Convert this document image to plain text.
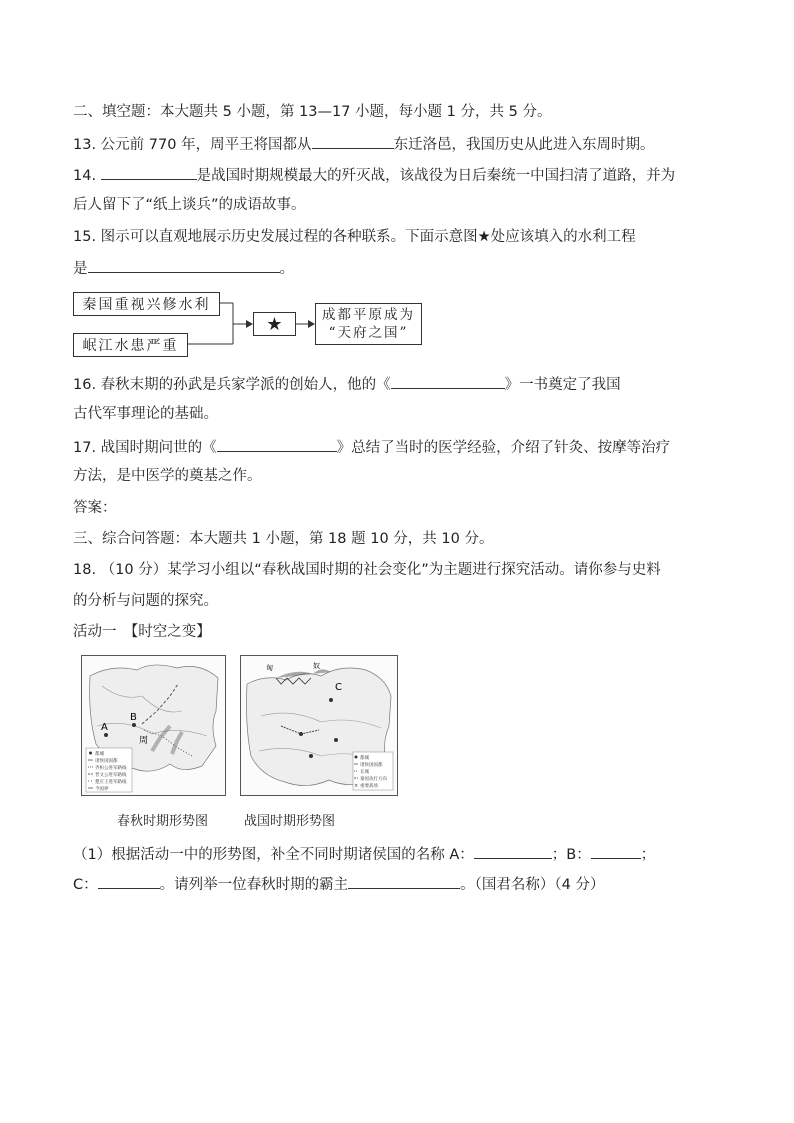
二、填空题：本大题共 5 小题，第 13—17 小题，每小题 1 分，共 5 分。
13. 公元前 770 年，周平王将国都从	东迁洛邑，我国历史从此进入东周时期。
14.	是战国时期规模最大的歼灭战，该战役为日后秦统一中国扫清了道路，并为
后人留下了“纸上谈兵”的成语故事。
15. 图示可以直观地展示历史发展过程的各种联系。下面示意图★处应该填入的水利工程
是	。
秦国重视兴修水利
岷江水患严重
★	成都平原成为
“天府之国”
16. 春秋末期的孙武是兵家学派的创始人，他的《	》一书奠定了我国
古代军事理论的基础。
17. 战国时期问世的《	》总结了当时的医学经验，介绍了针灸、按摩等治疗
方法，是中医学的奠基之作。
答案：
三、综合问答题：本大题共 1 小题，第 18 题 10 分，共 10 分。
18. （10 分）某学习小组以“春秋战国时期的社会变化”为主题进行探究活动。请你参与史料
的分析与问题的探究。
活动一　【时空之变】
A
B
周
都城
诸侯国国都
齐桓公进军路线
晋文公进军路线
楚庄王进军路线
今国界
匈	奴
C
都城
诸侯国国都
长城
秦国攻打方向
重要战场
×
春秋时期形势图	战国时期形势图
（1）根据活动一中的形势图，补全不同时期诸侯国的名称 A：	；B：	；
C：	。请列举一位春秋时期的霸主	。（国君名称）（4 分）
